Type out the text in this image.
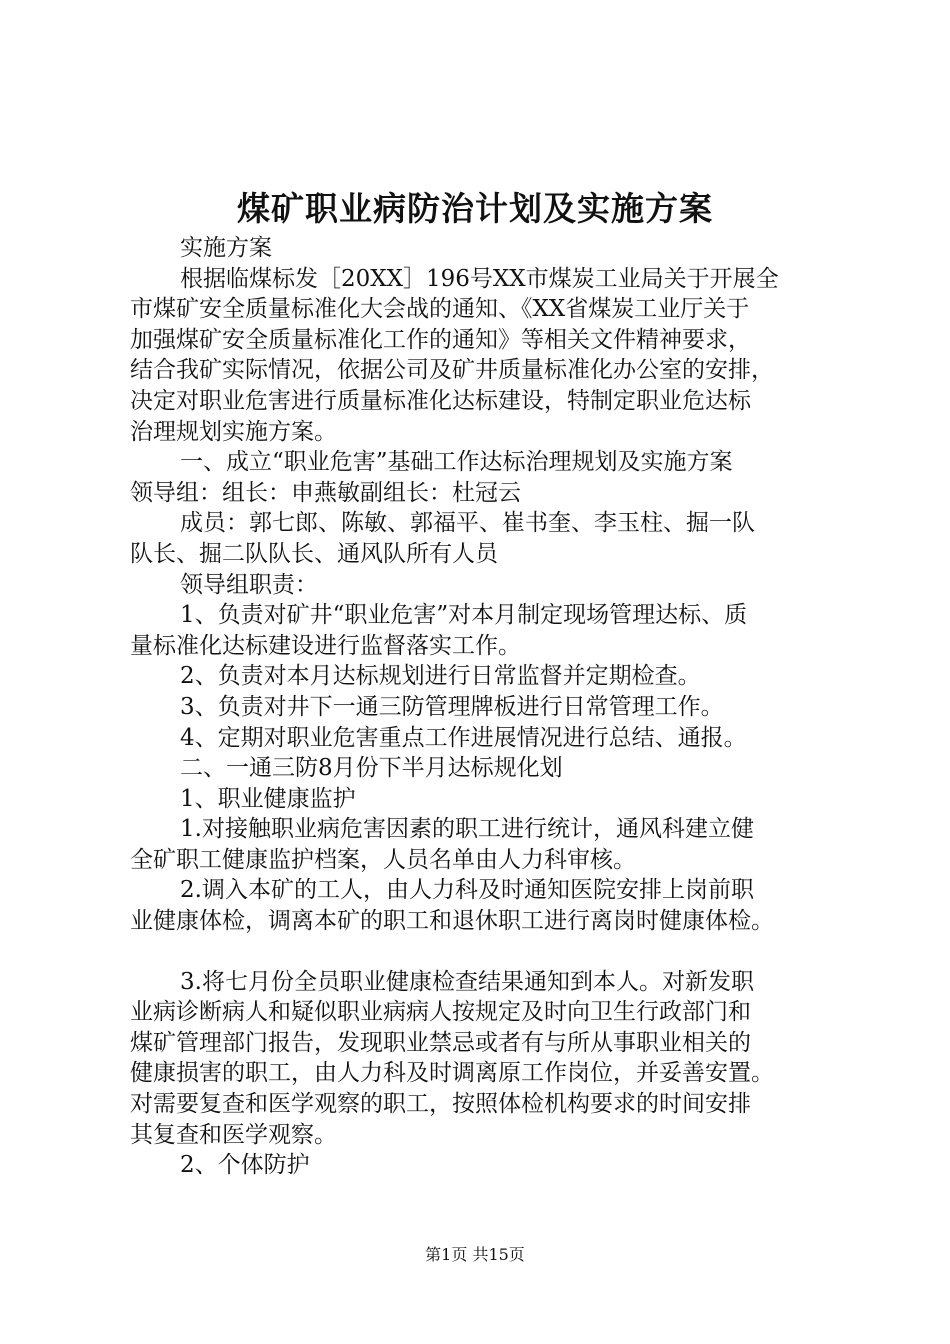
煤矿职业病防治计划及实施方案

实施方案

根据临煤标发［20XX］196号XX市煤炭工业局关于开展全
市煤矿安全质量标准化大会战的通知、《XX省煤炭工业厅关于
加强煤矿安全质量标准化工作的通知》等相关文件精神要求，
结合我矿实际情况，依据公司及矿井质量标准化办公室的安排，
决定对职业危害进行质量标准化达标建设，特制定职业危达标
治理规划实施方案。

一、成立“职业危害”基础工作达标治理规划及实施方案
领导组：组长：申燕敏副组长：杜冠云

成员：郭七郎、陈敏、郭福平、崔书奎、李玉柱、掘一队
队长、掘二队队长、通风队所有人员

领导组职责：

1、负责对矿井“职业危害”对本月制定现场管理达标、质
量标准化达标建设进行监督落实工作。

2、负责对本月达标规划进行日常监督并定期检查。

3、负责对井下一通三防管理牌板进行日常管理工作。

4、定期对职业危害重点工作进展情况进行总结、通报。

二、一通三防8月份下半月达标规化划

1、职业健康监护

1.对接触职业病危害因素的职工进行统计，通风科建立健
全矿职工健康监护档案，人员名单由人力科审核。

2.调入本矿的工人，由人力科及时通知医院安排上岗前职
业健康体检，调离本矿的职工和退休职工进行离岗时健康体检。

3.将七月份全员职业健康检查结果通知到本人。对新发职
业病诊断病人和疑似职业病病人按规定及时向卫生行政部门和
煤矿管理部门报告，发现职业禁忌或者有与所从事职业相关的
健康损害的职工，由人力科及时调离原工作岗位，并妥善安置。
对需要复查和医学观察的职工，按照体检机构要求的时间安排
其复查和医学观察。

2、个体防护

第1页 共15页
